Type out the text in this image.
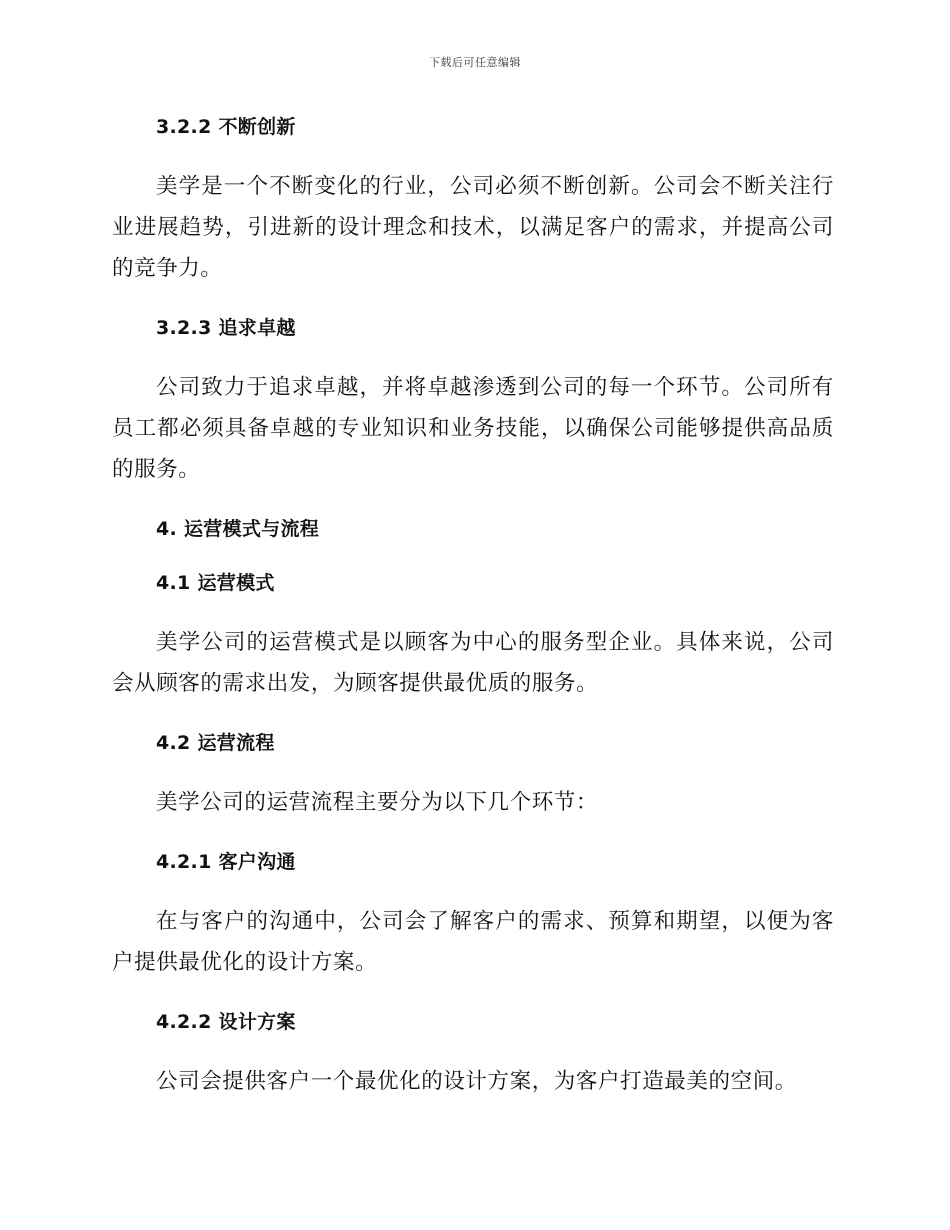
下载后可任意编辑
3.2.2 不断创新

美学是一个不断变化的行业，公司必须不断创新。公司会不断关注行业进展趋势，引进新的设计理念和技术，以满足客户的需求，并提高公司的竞争力。

3.2.3 追求卓越

公司致力于追求卓越，并将卓越渗透到公司的每一个环节。公司所有员工都必须具备卓越的专业知识和业务技能，以确保公司能够提供高品质的服务。

4. 运营模式与流程
4.1 运营模式

美学公司的运营模式是以顾客为中心的服务型企业。具体来说，公司会从顾客的需求出发，为顾客提供最优质的服务。

4.2 运营流程

美学公司的运营流程主要分为以下几个环节：

4.2.1 客户沟通

在与客户的沟通中，公司会了解客户的需求、预算和期望，以便为客户提供最优化的设计方案。

4.2.2 设计方案

公司会提供客户一个最优化的设计方案，为客户打造最美的空间。
